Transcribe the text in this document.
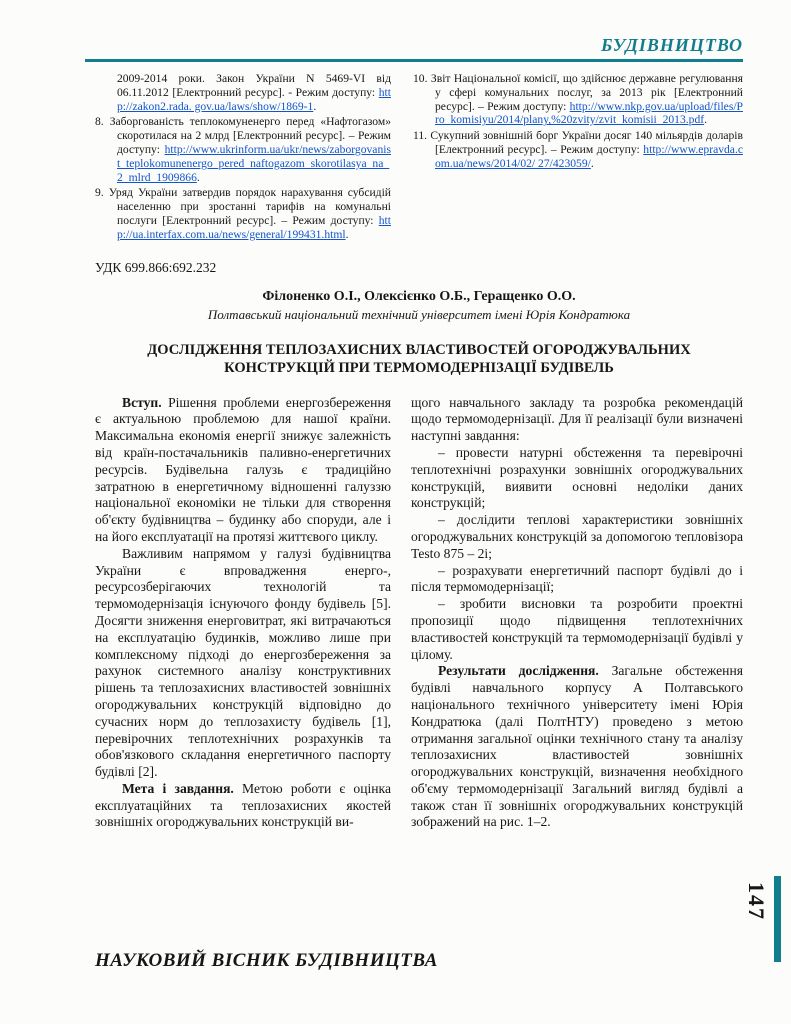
БУДІВНИЦТВО
2009-2014 роки. Закон України N 5469-VI від 06.11.2012 [Електронний ресурс]. - Режим доступу: http://zakon2.rada. gov.ua/laws/show/1869-1.
8. Заборгованість теплокомуненерго перед «Нафтогазом» скоротилася на 2 млрд [Електронний ресурс]. – Режим доступу: http://www.ukrinform.ua/ukr/news/zaborgovanist_teplokomunenergo_pered_naftogazom_skorotilasya_na_2_mlrd_1909866.
9. Уряд України затвердив порядок нарахування субсидій населенню при зростанні тарифів на комунальні послуги [Електронний ресурс]. – Режим доступу: http://ua.interfax.com.ua/news/general/199431.html.
10. Звіт Національної комісії, що здійснює державне регулювання у сфері комунальних послуг, за 2013 рік [Електронний ресурс]. – Режим доступу: http://www.nkp.gov.ua/upload/files/Pro_komisiyu/2014/plany,%20zvity/zvit_komisii_2013.pdf.
11. Сукупний зовнішній борг України досяг 140 мільярдів доларів [Електронний ресурс]. – Режим доступу: http://www.epravda.com.ua/news/2014/02/ 27/423059/.
УДК 699.866:692.232
Філоненко О.І., Олексієнко О.Б., Геращенко О.О.
Полтавський національний технічний університет імені Юрія Кондратюка
ДОСЛІДЖЕННЯ ТЕПЛОЗАХИСНИХ ВЛАСТИВОСТЕЙ ОГОРОДЖУВАЛЬНИХ КОНСТРУКЦІЙ ПРИ ТЕРМОМОДЕРНІЗАЦІЇ БУДІВЕЛЬ
Вступ. Рішення проблеми енергозбереження є актуальною проблемою для нашої країни. Максимальна економія енергії знижує залежність від країн-постачальників паливно-енергетичних ресурсів. Будівельна галузь є традиційно затратною в енергетичному відношенні галуззю національної економіки не тільки для створення об'єкту будівництва – будинку або споруди, але і на його експлуатації на протязі життєвого циклу.
Важливим напрямом у галузі будівництва України є впровадження енерго-, ресурсозберігаючих технологій та термомодернізація існуючого фонду будівель [5]. Досягти зниження енерговитрат, які витрачаються на експлуатацію будинків, можливо лише при комплексному підході до енергозбереження за рахунок системного аналізу конструктивних рішень та теплозахисних властивостей зовнішніх огороджувальних конструкцій відповідно до сучасних норм до теплозахисту будівель [1], перевірочних теплотехнічних розрахунків та обов'язкового складання енергетичного паспорту будівлі [2].
Мета і завдання. Метою роботи є оцінка експлуатаційних та теплозахисних якостей зовнішніх огороджувальних конструкцій ви-
щого навчального закладу та розробка рекомендацій щодо термомодернізації. Для її реалізації були визначені наступні завдання:
– провести натурні обстеження та перевірочні теплотехнічні розрахунки зовнішніх огороджувальних конструкцій, виявити основні недоліки даних конструкцій;
– дослідити теплові характеристики зовнішніх огороджувальних конструкцій за допомогою тепловізора Testo 875 – 2i;
– розрахувати енергетичний паспорт будівлі до і після термомодернізації;
– зробити висновки та розробити проектні пропозиції щодо підвищення теплотехнічних властивостей конструкцій та термомодернізації будівлі у цілому.
Результати дослідження. Загальне обстеження будівлі навчального корпусу А Полтавського національного технічного університету імені Юрія Кондратюка (далі ПолтНТУ) проведено з метою отримання загальної оцінки технічного стану та аналізу теплозахисних властивостей зовнішніх огороджувальних конструкцій, визначення необхідного об'єму термомодернізації Загальний вигляд будівлі а також стан її зовнішніх огороджувальних конструкцій зображений на рис. 1–2.
НАУКОВИЙ ВІСНИК БУДІВНИЦТВА
147
